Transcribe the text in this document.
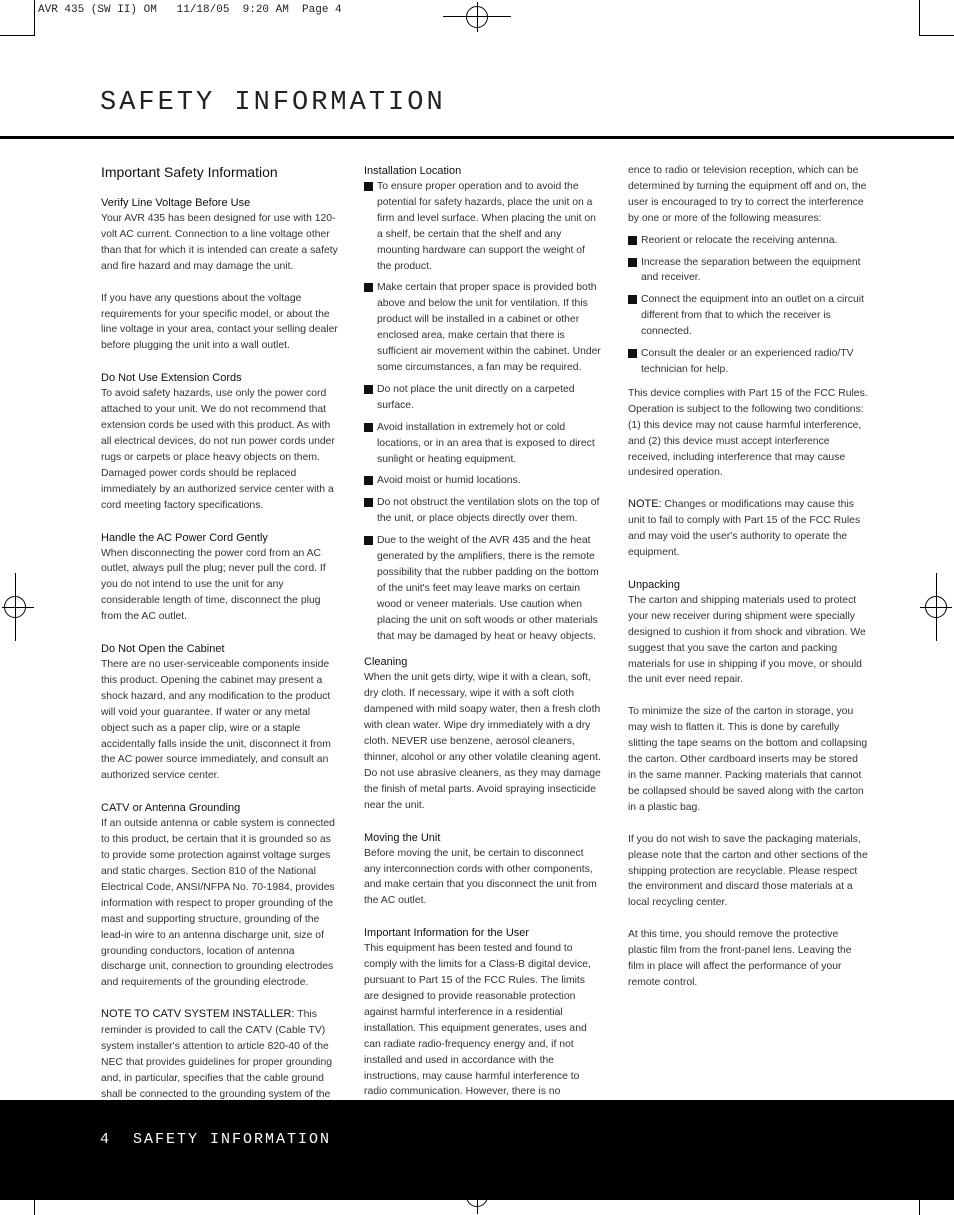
AVR 435 (SW II) OM   11/18/05  9:20 AM  Page 4
SAFETY INFORMATION
Important Safety Information
Verify Line Voltage Before Use

Your AVR 435 has been designed for use with 120-volt AC current. Connection to a line voltage other than that for which it is intended can create a safety and fire hazard and may damage the unit.

If you have any questions about the voltage requirements for your specific model, or about the line voltage in your area, contact your selling dealer before plugging the unit into a wall outlet.

Do Not Use Extension Cords

To avoid safety hazards, use only the power cord attached to your unit. We do not recommend that extension cords be used with this product. As with all electrical devices, do not run power cords under rugs or carpets or place heavy objects on them. Damaged power cords should be replaced immediately by an authorized service center with a cord meeting factory specifications.

Handle the AC Power Cord Gently

When disconnecting the power cord from an AC outlet, always pull the plug; never pull the cord. If you do not intend to use the unit for any considerable length of time, disconnect the plug from the AC outlet.

Do Not Open the Cabinet

There are no user-serviceable components inside this product. Opening the cabinet may present a shock hazard, and any modification to the product will void your guarantee. If water or any metal object such as a paper clip, wire or a staple accidentally falls inside the unit, disconnect it from the AC power source immediately, and consult an authorized service center.

CATV or Antenna Grounding

If an outside antenna or cable system is connected to this product, be certain that it is grounded so as to provide some protection against voltage surges and static charges. Section 810 of the National Electrical Code, ANSI/NFPA No. 70-1984, provides information with respect to proper grounding of the mast and supporting structure, grounding of the lead-in wire to an antenna discharge unit, size of grounding conductors, location of antenna discharge unit, connection to grounding electrodes and requirements of the grounding electrode.

NOTE TO CATV SYSTEM INSTALLER: This reminder is provided to call the CATV (Cable TV) system installer's attention to article 820-40 of the NEC that provides guidelines for proper grounding and, in particular, specifies that the cable ground shall be connected to the grounding system of the

Installation Location
To ensure proper operation and to avoid the potential for safety hazards, place the unit on a firm and level surface. When placing the unit on a shelf, be certain that the shelf and any mounting hardware can support the weight of the product.
Make certain that proper space is provided both above and below the unit for ventilation. If this product will be installed in a cabinet or other enclosed area, make certain that there is sufficient air movement within the cabinet. Under some circumstances, a fan may be required.
Do not place the unit directly on a carpeted surface.
Avoid installation in extremely hot or cold locations, or in an area that is exposed to direct sunlight or heating equipment.
Avoid moist or humid locations.
Do not obstruct the ventilation slots on the top of the unit, or place objects directly over them.
Due to the weight of the AVR 435 and the heat generated by the amplifiers, there is the remote possibility that the rubber padding on the bottom of the unit's feet may leave marks on certain wood or veneer materials. Use caution when placing the unit on soft woods or other materials that may be damaged by heat or heavy objects.
Cleaning

When the unit gets dirty, wipe it with a clean, soft, dry cloth. If necessary, wipe it with a soft cloth dampened with mild soapy water, then a fresh cloth with clean water. Wipe dry immediately with a dry cloth. NEVER use benzene, aerosol cleaners, thinner, alcohol or any other volatile cleaning agent. Do not use abrasive cleaners, as they may damage the finish of metal parts. Avoid spraying insecticide near the unit.

Moving the Unit

Before moving the unit, be certain to disconnect any interconnection cords with other components, and make certain that you disconnect the unit from the AC outlet.

Important Information for the User

This equipment has been tested and found to comply with the limits for a Class-B digital device, pursuant to Part 15 of the FCC Rules. The limits are designed to provide reasonable protection against harmful interference in a residential installation. This equipment generates, uses and can radiate radio-frequency energy and, if not installed and used in accordance with the instructions, may cause harmful interference to radio communication. However, there is no

ence to radio or television reception, which can be determined by turning the equipment off and on, the user is encouraged to try to correct the interference by one or more of the following measures:

Reorient or relocate the receiving antenna.
Increase the separation between the equipment and receiver.
Connect the equipment into an outlet on a circuit different from that to which the receiver is connected.
Consult the dealer or an experienced radio/TV technician for help.

This device complies with Part 15 of the FCC Rules. Operation is subject to the following two conditions: (1) this device may not cause harmful interference, and (2) this device must accept interference received, including interference that may cause undesired operation.

NOTE: Changes or modifications may cause this unit to fail to comply with Part 15 of the FCC Rules and may void the user's authority to operate the equipment.

Unpacking

The carton and shipping materials used to protect your new receiver during shipment were specially designed to cushion it from shock and vibration. We suggest that you save the carton and packing materials for use in shipping if you move, or should the unit ever need repair.

To minimize the size of the carton in storage, you may wish to flatten it. This is done by carefully slitting the tape seams on the bottom and collapsing the carton. Other cardboard inserts may be stored in the same manner. Packing materials that cannot be collapsed should be saved along with the carton in a plastic bag.

If you do not wish to save the packaging materials, please note that the carton and other sections of the shipping protection are recyclable. Please respect the environment and discard those materials at a local recycling center.

At this time, you should remove the protective plastic film from the front-panel lens. Leaving the film in place will affect the performance of your remote control.

4 SAFETY INFORMATION
